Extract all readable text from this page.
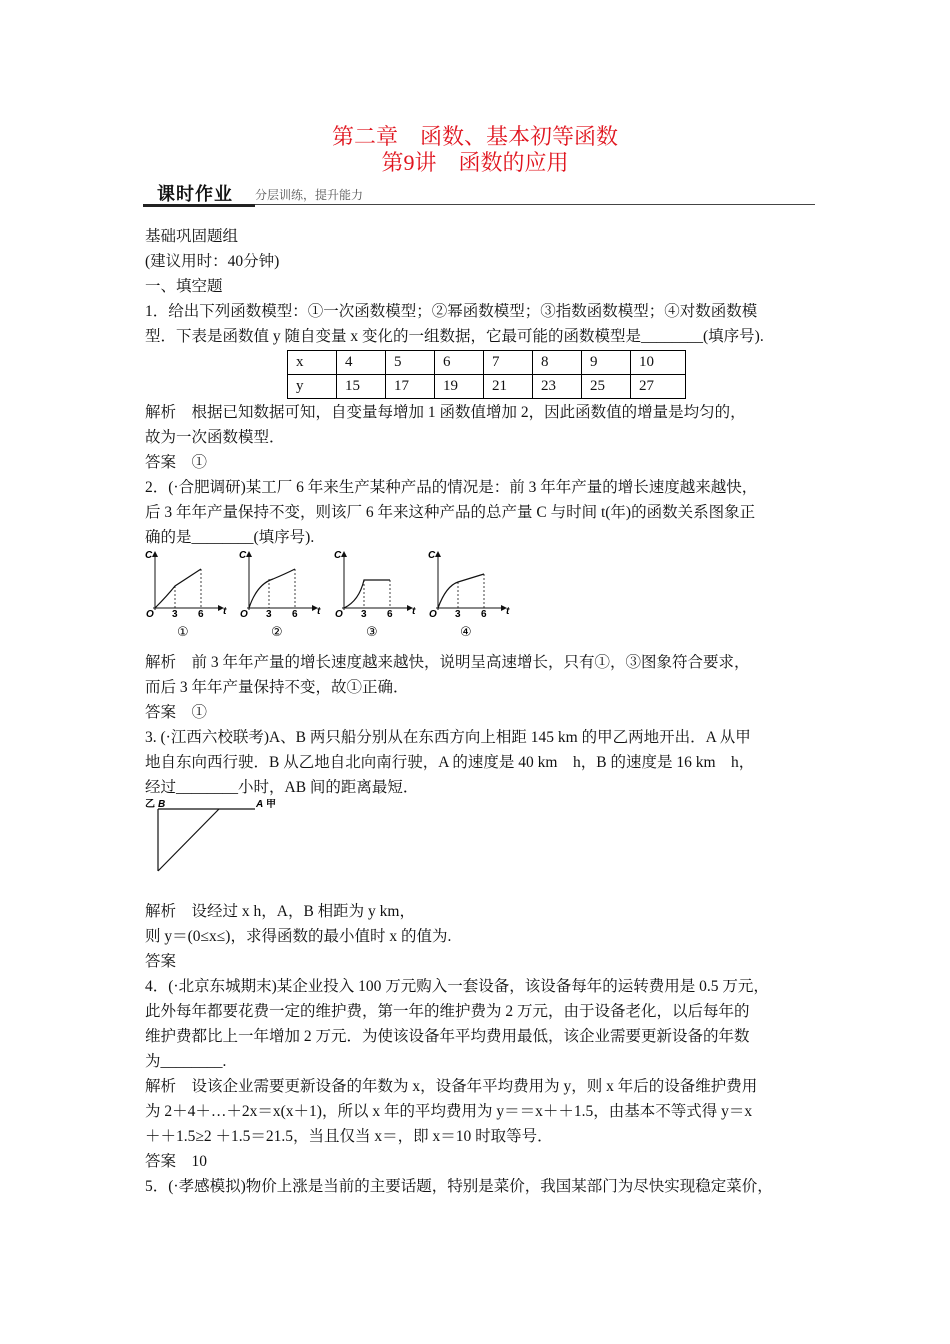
第二章　函数、基本初等函数
第9讲　函数的应用
课时作业 分层训练，提升能力
基础巩固题组
(建议用时：40分钟)
一、填空题
1．给出下列函数模型：①一次函数模型；②幂函数模型；③指数函数模型；④对数函数模
型．下表是函数值 y 随自变量 x 变化的一组数据，它最可能的函数模型是________(填序号).
x	4	5	6	7	8	9	10
y	15	17	19	21	23	25	27
解析　根据已知数据可知，自变量每增加 1 函数值增加 2，因此函数值的增量是均匀的，
故为一次函数模型．
答案　①
2．(·合肥调研)某工厂 6 年来生产某种产品的情况是：前 3 年年产量的增长速度越来越快，
后 3 年年产量保持不变，则该厂 6 年来这种产品的总产量 C 与时间 t(年)的函数关系图象正
确的是________(填序号).
C
t
O 3 6
①
C
t
O 3 6
②
C
t
O 3 6
③
C
t
O 3 6
④
解析　前 3 年年产量的增长速度越来越快，说明呈高速增长，只有①，③图象符合要求，
而后 3 年年产量保持不变，故①正确．
答案　①
3. (·江西六校联考)A、B 两只船分别从在东西方向上相距 145 km 的甲乙两地开出．A 从甲
地自东向西行驶．B 从乙地自北向南行驶，A 的速度是 40 km　h，B 的速度是 16 km　h，
经过________小时，AB 间的距离最短．
乙 B	A 甲
解析　设经过 x h，A，B 相距为 y km，
则 y＝(0≤x≤)，求得函数的最小值时 x 的值为.
答案
4．(·北京东城期末)某企业投入 100 万元购入一套设备，该设备每年的运转费用是 0.5 万元，
此外每年都要花费一定的维护费，第一年的维护费为 2 万元，由于设备老化，以后每年的
维护费都比上一年增加 2 万元．为使该设备年平均费用最低，该企业需要更新设备的年数
为________.
解析　设该企业需要更新设备的年数为 x，设备年平均费用为 y，则 x 年后的设备维护费用
为 2＋4＋…＋2x＝x(x＋1)，所以 x 年的平均费用为 y＝＝x＋＋1.5，由基本不等式得 y＝x
＋＋1.5≥2 ＋1.5＝21.5，当且仅当 x＝，即 x＝10 时取等号．
答案　10
5．(·孝感模拟)物价上涨是当前的主要话题，特别是菜价，我国某部门为尽快实现稳定菜价，
